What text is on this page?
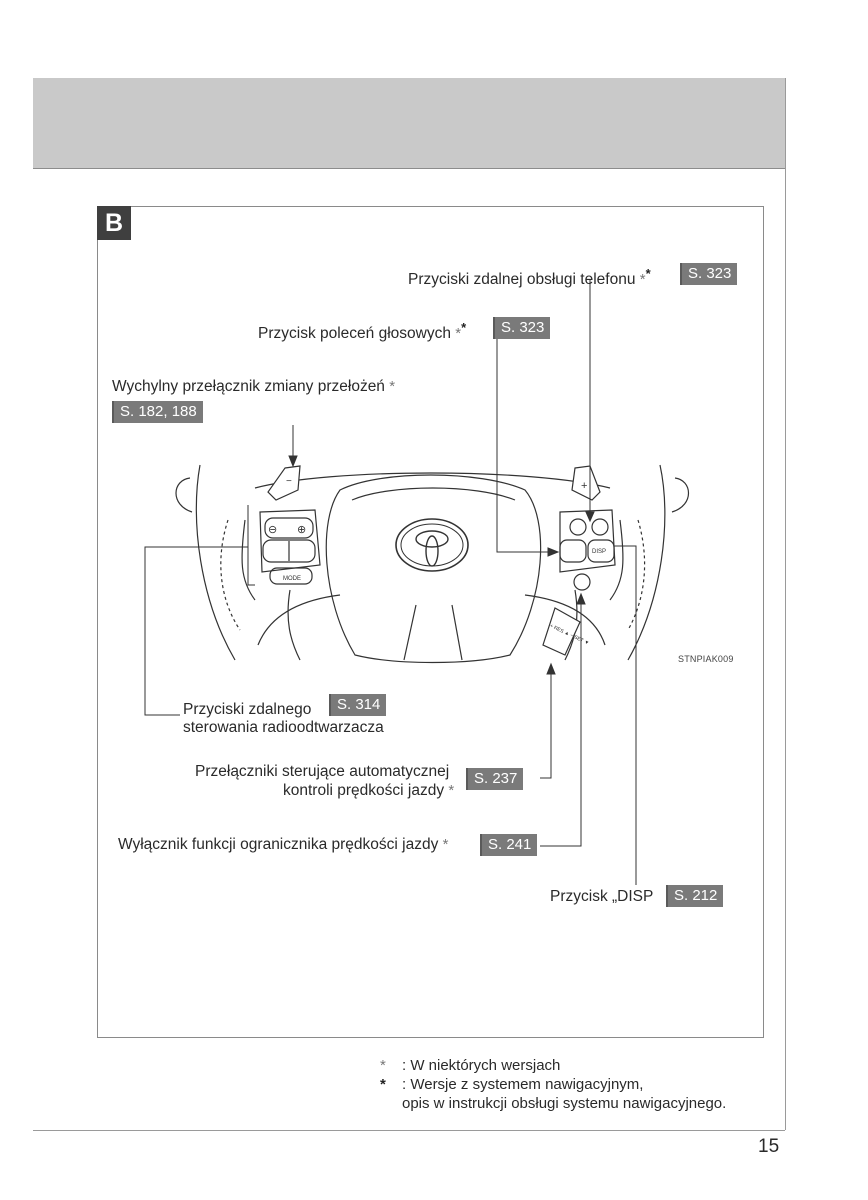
B
−	+
⊖ ⊕
MODE
DISP
+ RES ▲ − SET ▼
Przyciski zdalnej obsługi telefonu **	S. 323
Przycisk poleceń głosowych **	S. 323
Wychylny przełącznik zmiany przełożeń *
S. 182, 188
STNPIAK009
Przyciski zdalnego	S. 314
sterowania radioodtwarzacza
Przełączniki sterujące automatycznej
kontroli prędkości jazdy *
S. 237
Wyłącznik funkcji ogranicznika prędkości jazdy *	S. 241
Przycisk „DISP	S. 212
*	: W niektórych wersjach
*	: Wersje z systemem nawigacyjnym,
opis w instrukcji obsługi systemu nawigacyjnego.
15
